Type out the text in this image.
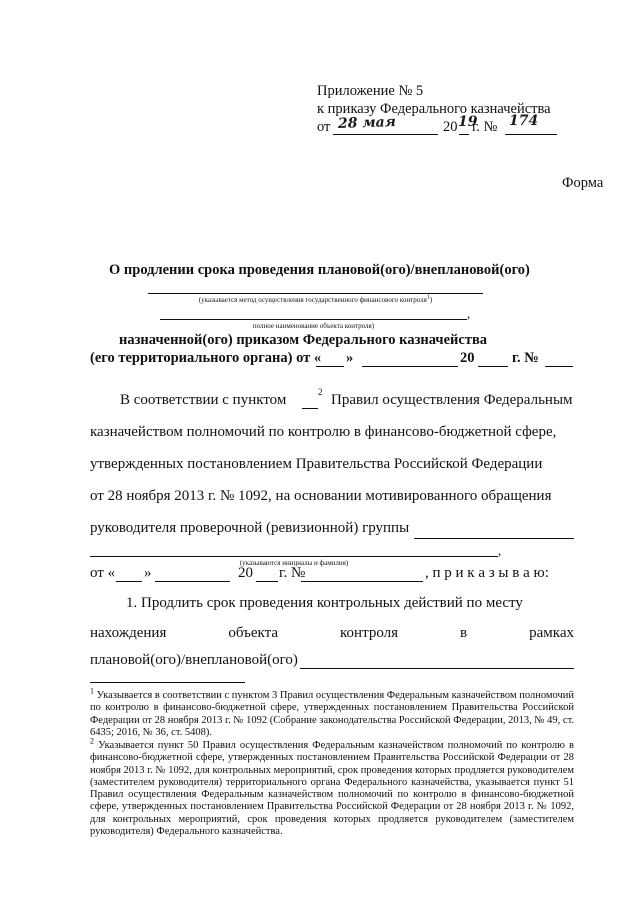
Приложение № 5
к приказу Федерального казначейства
от 28 мая	20 19
г. № 174
Форма
О продлении срока проведения плановой(ого)/внеплановой(ого)
(указывается метод осуществления государственного финансового контроля$^1$)
,
полное наименование объекта контроля)
назначенной(ого) приказом Федерального казначейства
(его территориального органа) от « »	20	г. №
В соответствии с пунктом	2 Правил осуществления Федеральным
казначейством полномочий по контролю в финансово-бюджетной сфере,
утвержденных постановлением Правительства Российской Федерации
от 28 ноября 2013 г. № 1092, на основании мотивированного обращения
руководителя проверочной (ревизионной) группы
,
(указываются инициалы и фамилия)
от « »	20 г. №	, п р и к а з ы в а ю:
1. Продлить срок проведения контрольных действий по месту
нахождения	объекта	контроля	в	рамках
плановой(ого)/внеплановой(ого)
$^1$ Указывается в соответствии с пунктом 3 Правил осуществления Федеральным казначейством полномочий по контролю в финансово-бюджетной сфере, утвержденных постановлением Правительства Российской Федерации от 28 ноября 2013 г. № 1092 (Собрание законодательства Российской Федерации, 2013, № 49, ст. 6435; 2016, № 36, ст. 5408).
$^2$ Указывается пункт 50 Правил осуществления Федеральным казначейством полномочий по контролю в финансово-бюджетной сфере, утвержденных постановлением Правительства Российской Федерации от 28 ноября 2013 г. № 1092, для контрольных мероприятий, срок проведения которых продляется руководителем (заместителем руководителя) территориального органа Федерального казначейства, указывается пункт 51 Правил осуществления Федеральным казначейством полномочий по контролю в финансово-бюджетной сфере, утвержденных постановлением Правительства Российской Федерации от 28 ноября 2013 г. № 1092, для контрольных мероприятий, срок проведения которых продляется руководителем (заместителем руководителя) Федерального казначейства.
